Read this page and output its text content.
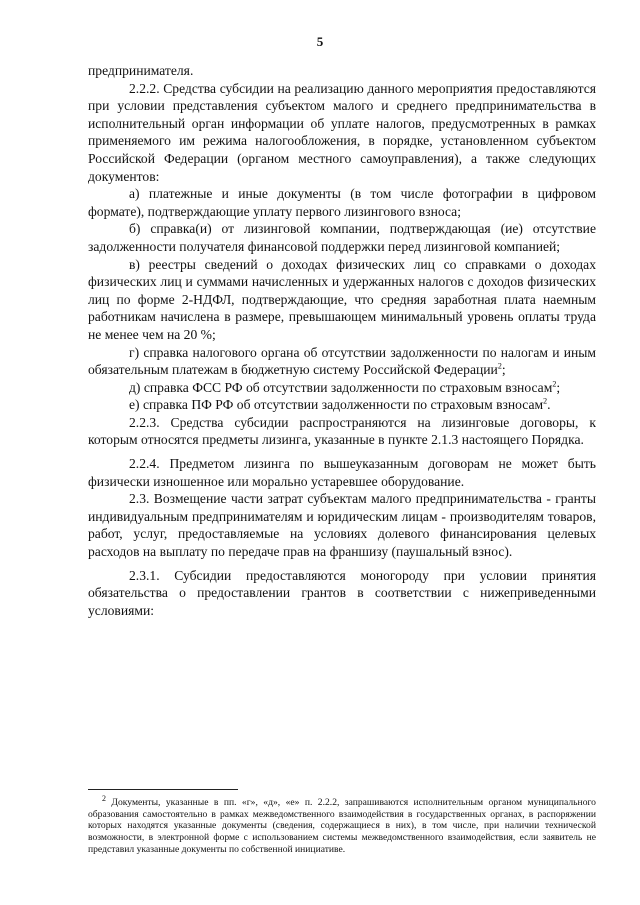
5

предпринимателя.

2.2.2. Средства субсидии на реализацию данного мероприятия предоставляются при условии представления субъектом малого и среднего предпринимательства в исполнительный орган информации об уплате налогов, предусмотренных в рамках применяемого им режима налогообложения, в порядке, установленном субъектом Российской Федерации (органом местного самоуправления), а также следующих документов:

а) платежные и иные документы (в том числе фотографии в цифровом формате), подтверждающие уплату первого лизингового взноса;

б) справка(и) от лизинговой компании, подтверждающая (ие) отсутствие задолженности получателя финансовой поддержки перед лизинговой компанией;

в) реестры сведений о доходах физических лиц со справками о доходах физических лиц и суммами начисленных и удержанных налогов с доходов физических лиц по форме 2-НДФЛ, подтверждающие, что средняя заработная плата наемным работникам начислена в размере, превышающем минимальный уровень оплаты труда не менее чем на 20 %;

г) справка налогового органа об отсутствии задолженности по налогам и иным обязательным платежам в бюджетную систему Российской Федерации$^2$;

д) справка ФСС РФ об отсутствии задолженности по страховым взносам$^2$;

е) справка ПФ РФ об отсутствии задолженности по страховым взносам$^2$.

2.2.3. Средства субсидии распространяются на лизинговые договоры, к которым относятся предметы лизинга, указанные в пункте 2.1.3 настоящего Порядка.

2.2.4. Предметом лизинга по вышеуказанным договорам не может быть физически изношенное или морально устаревшее оборудование.

2.3. Возмещение части затрат субъектам малого предпринимательства - гранты индивидуальным предпринимателям и юридическим лицам - производителям товаров, работ, услуг, предоставляемые на условиях долевого финансирования целевых расходов на выплату по передаче прав на франшизу (паушальный взнос).

2.3.1. Субсидии предоставляются моногороду при условии принятия обязательства о предоставлении грантов в соответствии с нижеприведенными условиями:

$^2$ Документы, указанные в пп. «г», «д», «е» п. 2.2.2, запрашиваются исполнительным органом муниципального образования самостоятельно в рамках межведомственного взаимодействия в государственных органах, в распоряжении которых находятся указанные документы (сведения, содержащиеся в них), в том числе, при наличии технической возможности, в электронной форме с использованием системы межведомственного взаимодействия, если заявитель не представил указанные документы по собственной инициативе.
